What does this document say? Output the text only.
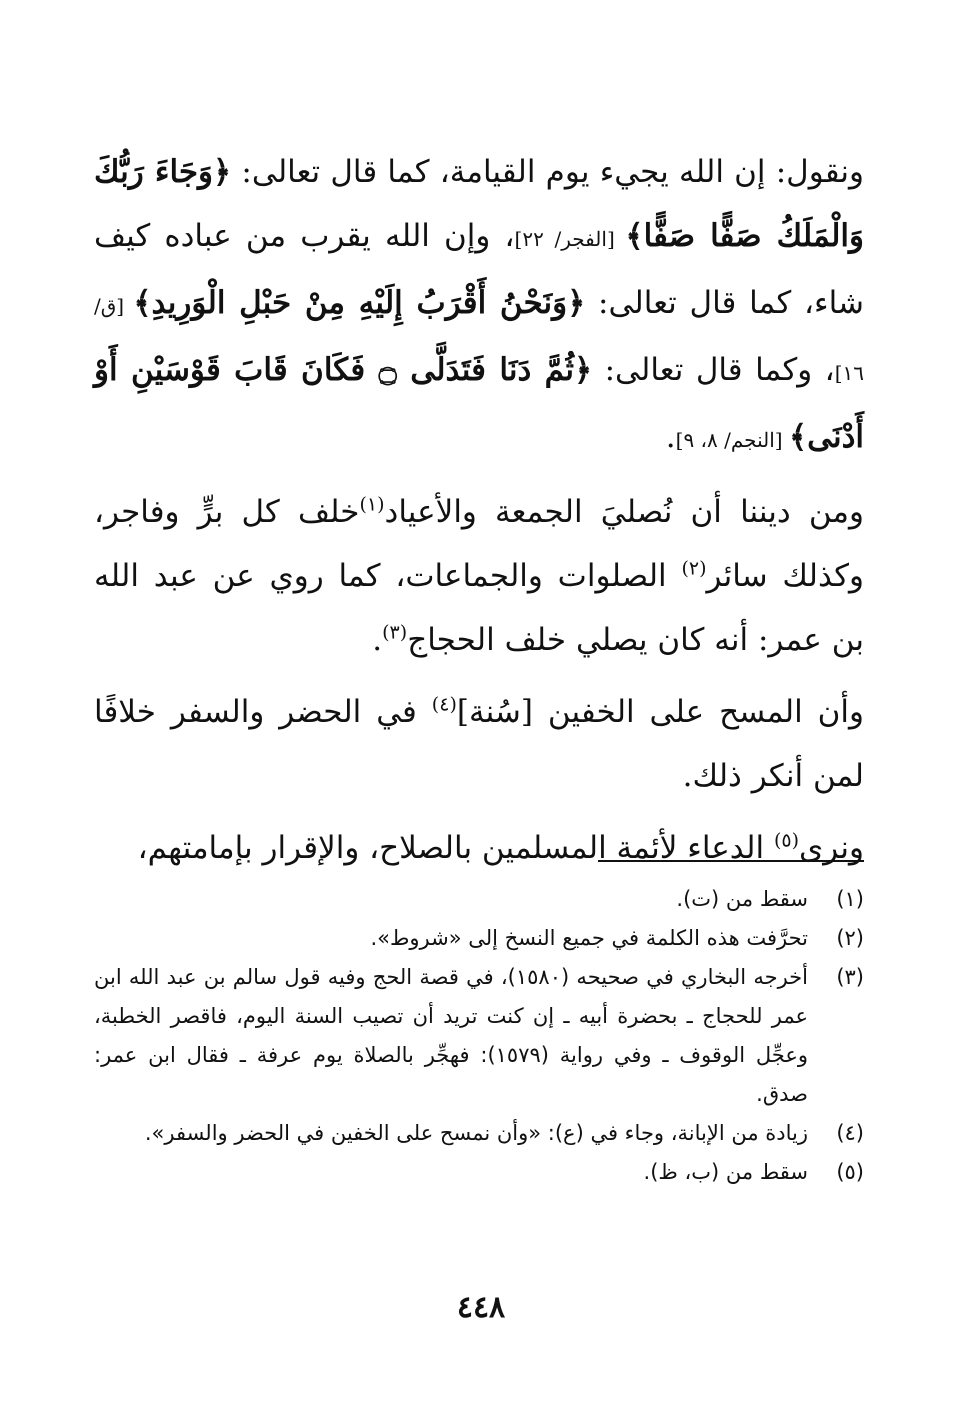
ونقول: إن الله يجيء يوم القيامة، كما قال تعالى: ﴿وَجَاءَ رَبُّكَ وَالْمَلَكُ صَفًّا صَفًّا﴾ [الفجر/ ٢٢]، وإن الله يقرب من عباده كيف شاء، كما قال تعالى: ﴿وَنَحْنُ أَقْرَبُ إِلَيْهِ مِنْ حَبْلِ الْوَرِيدِ﴾ [ق/ ١٦]، وكما قال تعالى: ﴿ثُمَّ دَنَا فَتَدَلَّى ۝ فَكَانَ قَابَ قَوْسَيْنِ أَوْ أَدْنَى﴾ [النجم/ ٨، ٩].

ومن ديننا أن نُصليَ الجمعة والأعياد$^{(١)}$خلف كل برٍّ وفاجر، وكذلك سائر$^{(٢)}$ الصلوات والجماعات، كما روي عن عبد الله بن عمر: أنه كان يصلي خلف الحجاج$^{(٣)}$.

وأن المسح على الخفين [سُنة]$^{(٤)}$ في الحضر والسفر خلافًا لمن أنكر ذلك.

ونرى$^{(٥)}$ الدعاء لأئمة المسلمين بالصلاح، والإقرار بإمامتهم،

(١)
سقط من (ت).
(٢)
تحرَّفت هذه الكلمة في جميع النسخ إلى «شروط».
(٣)
أخرجه البخاري في صحيحه (١٥٨٠)، في قصة الحج وفيه قول سالم بن عبد الله ابن عمر للحجاج ـ بحضرة أبيه ـ إن كنت تريد أن تصيب السنة اليوم، فاقصر الخطبة، وعجِّل الوقوف ـ وفي رواية (١٥٧٩): فهجِّر بالصلاة يوم عرفة ـ فقال ابن عمر: صدق.
(٤)
زيادة من الإبانة، وجاء في (ع): «وأن نمسح على الخفين في الحضر والسفر».
(٥)
سقط من (ب، ظ).
٤٤٨
